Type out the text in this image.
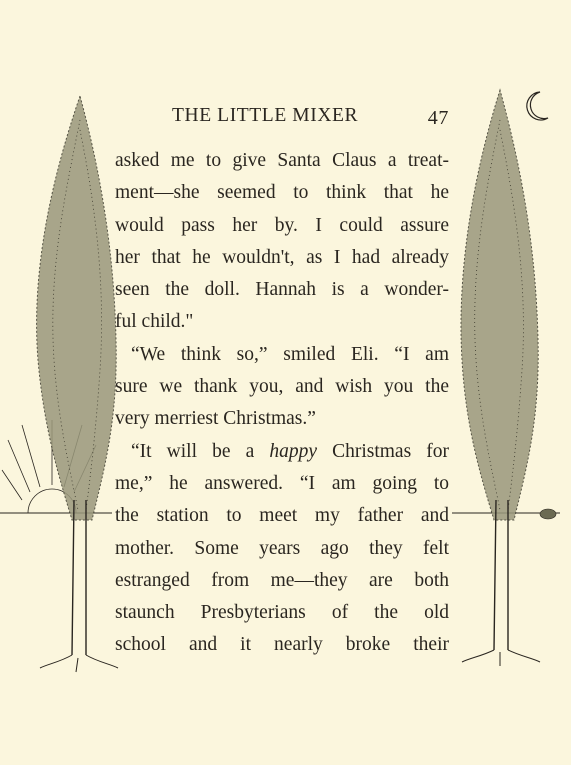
THE LITTLE MIXER	47
asked me to give Santa Claus a treat-
ment—she seemed to think that he
would pass her by. I could assure
her that he wouldn't, as I had already
seen the doll. Hannah is a wonder-
ful child."
“We think so,” smiled Eli. “I am
sure we thank you, and wish you the
very merriest Christmas.”
“It will be a happy Christmas for
me,” he answered. “I am going to
the station to meet my father and
mother. Some years ago they felt
estranged from me—they are both
staunch Presbyterians of the old
school and it nearly broke their
